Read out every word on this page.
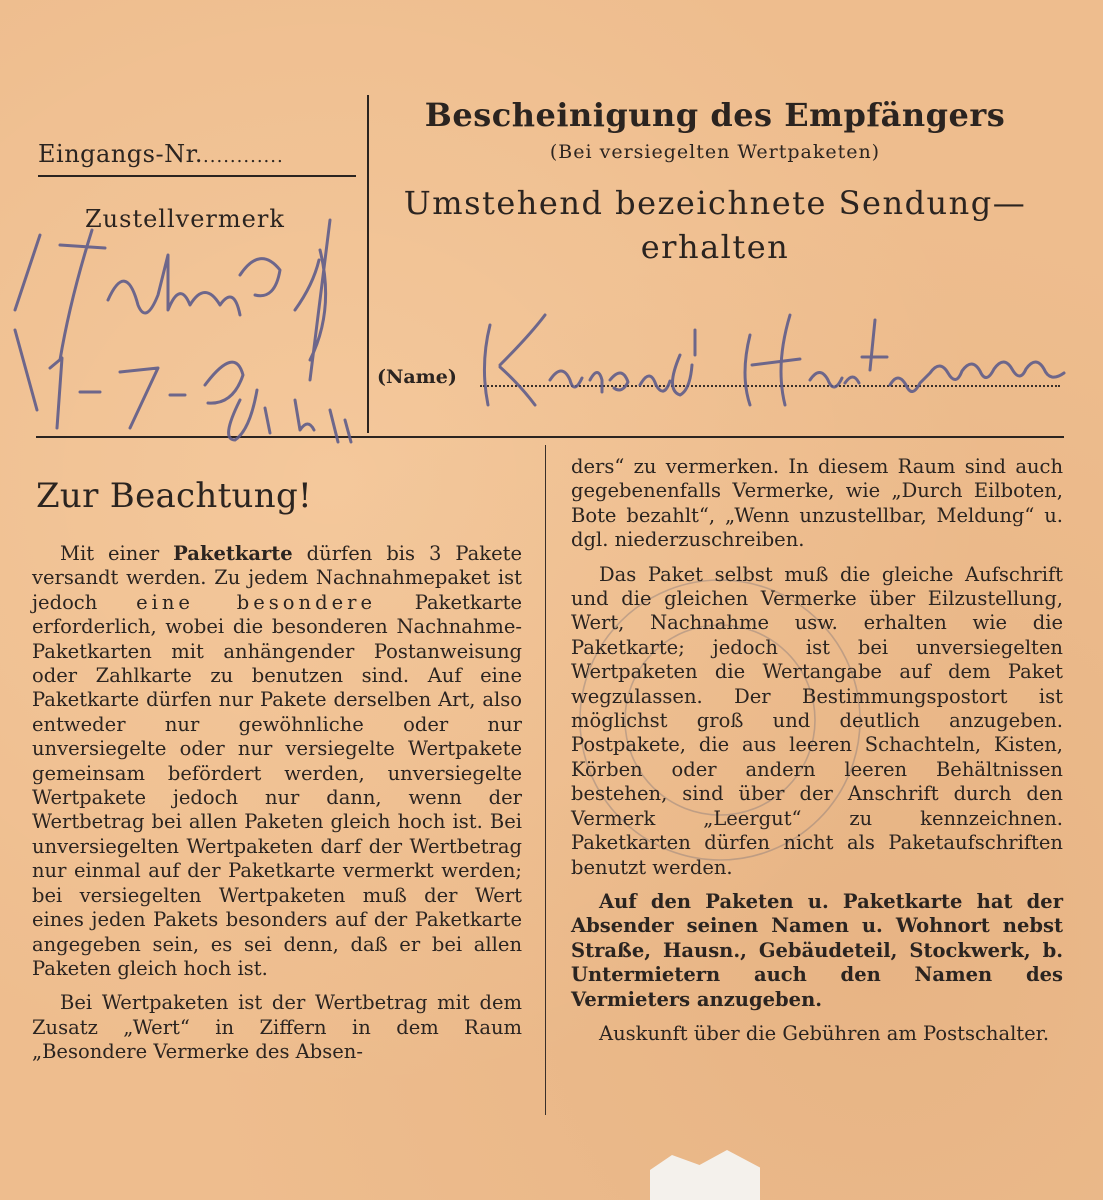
Eingangs-Nr.............
Zustellvermerk
Bescheinigung des Empfängers
(Bei versiegelten Wertpaketen)
Umstehend bezeichnete Sendung—
erhalten
(Name)
Zur Beachtung!

Mit einer Paketkarte dürfen bis 3 Pakete versandt werden. Zu jedem Nachnahmepaket ist jedoch eine besondere Paketkarte erforderlich, wobei die besonderen Nachnahme-Paketkarten mit anhängender Postanweisung oder Zahlkarte zu benutzen sind. Auf eine Paketkarte dürfen nur Pakete derselben Art, also entweder nur gewöhnliche oder nur unversiegelte oder nur versiegelte Wertpakete gemeinsam befördert werden, unversiegelte Wertpakete jedoch nur dann, wenn der Wertbetrag bei allen Paketen gleich hoch ist. Bei unversiegelten Wertpaketen darf der Wertbetrag nur einmal auf der Paketkarte vermerkt werden; bei versiegelten Wertpaketen muß der Wert eines jeden Pakets besonders auf der Paketkarte angegeben sein, es sei denn, daß er bei allen Paketen gleich hoch ist.

Bei Wertpaketen ist der Wertbetrag mit dem Zusatz „Wert“ in Ziffern in dem Raum „Besondere Vermerke des Absen-

ders“ zu vermerken. In diesem Raum sind auch gegebenenfalls Vermerke, wie „Durch Eilboten, Bote bezahlt“, „Wenn unzustellbar, Meldung“ u. dgl. niederzuschreiben.

Das Paket selbst muß die gleiche Aufschrift und die gleichen Vermerke über Eilzustellung, Wert, Nachnahme usw. erhalten wie die Paketkarte; jedoch ist bei unversiegelten Wertpaketen die Wertangabe auf dem Paket wegzulassen. Der Bestimmungspostort ist möglichst groß und deutlich anzugeben. Postpakete, die aus leeren Schachteln, Kisten, Körben oder andern leeren Behältnissen bestehen, sind über der Anschrift durch den Vermerk „Leergut“ zu kennzeichnen. Paketkarten dürfen nicht als Paketaufschriften benutzt werden.

Auf den Paketen u. Paketkarte hat der Absender seinen Namen u. Wohnort nebst Straße, Hausn., Gebäudeteil, Stockwerk, b. Untermietern auch den Namen des Vermieters anzugeben.

Auskunft über die Gebühren am Postschalter.
